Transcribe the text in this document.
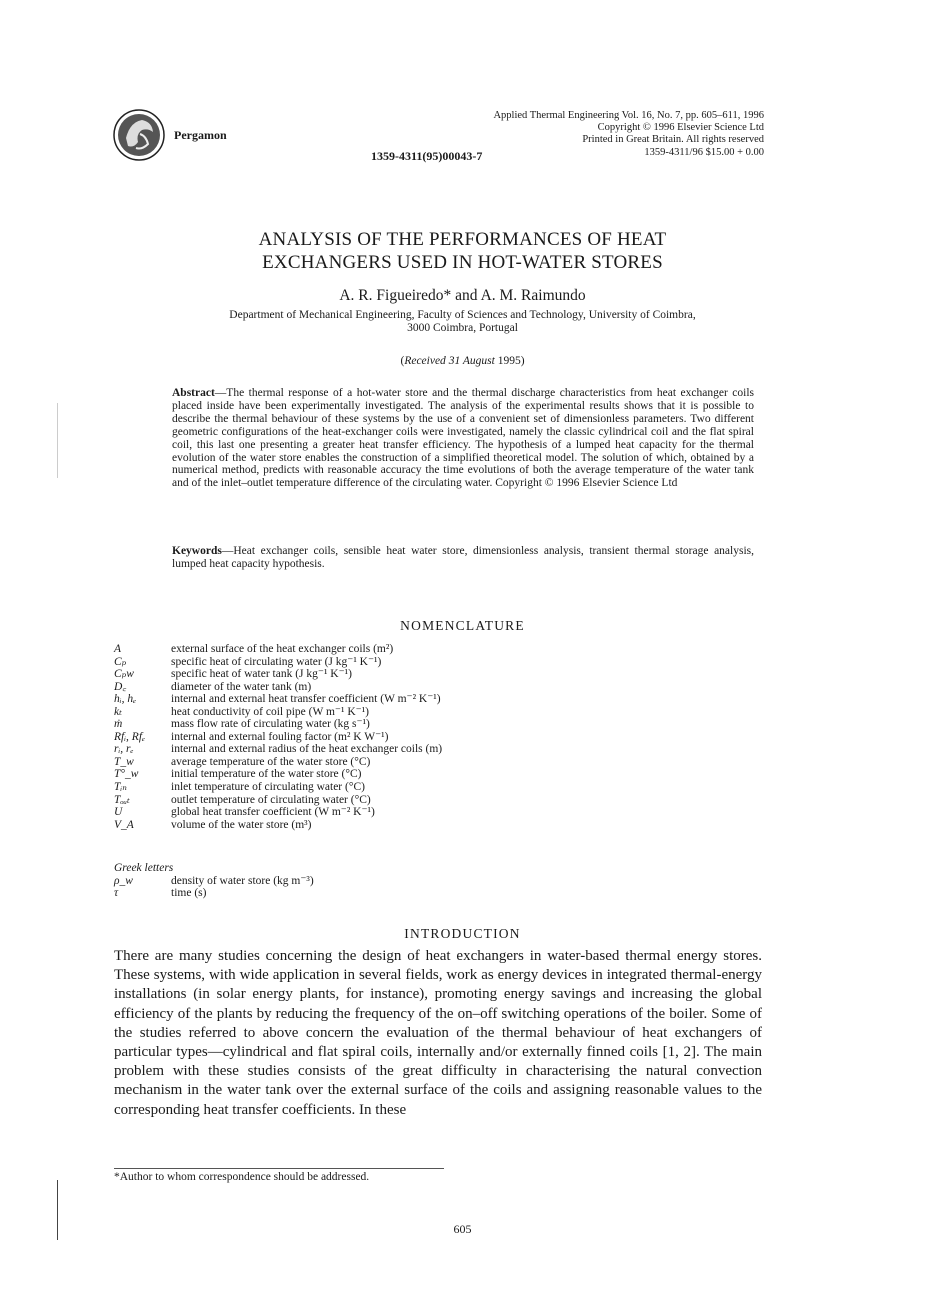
Pergamon
1359-4311(95)00043-7
Applied Thermal Engineering Vol. 16, No. 7, pp. 605–611, 1996
Copyright © 1996 Elsevier Science Ltd
Printed in Great Britain. All rights reserved
1359-4311/96 $15.00 + 0.00
ANALYSIS OF THE PERFORMANCES OF HEAT
EXCHANGERS USED IN HOT-WATER STORES
A. R. Figueiredo* and A. M. Raimundo
Department of Mechanical Engineering, Faculty of Sciences and Technology, University of Coimbra,
3000 Coimbra, Portugal
(Received 31 August 1995)
Abstract—The thermal response of a hot-water store and the thermal discharge characteristics from heat exchanger coils placed inside have been experimentally investigated. The analysis of the experimental results shows that it is possible to describe the thermal behaviour of these systems by the use of a convenient set of dimensionless parameters. Two different geometric configurations of the heat-exchanger coils were investigated, namely the classic cylindrical coil and the flat spiral coil, this last one presenting a greater heat transfer efficiency. The hypothesis of a lumped heat capacity for the thermal evolution of the water store enables the construction of a simplified theoretical model. The solution of which, obtained by a numerical method, predicts with reasonable accuracy the time evolutions of both the average temperature of the water tank and of the inlet–outlet temperature difference of the circulating water. Copyright © 1996 Elsevier Science Ltd
Keywords—Heat exchanger coils, sensible heat water store, dimensionless analysis, transient thermal storage analysis, lumped heat capacity hypothesis.
NOMENCLATURE
A	external surface of the heat exchanger coils (m²)
Cₚ	specific heat of circulating water (J kg⁻¹ K⁻¹)
Cₚw	specific heat of water tank (J kg⁻¹ K⁻¹)
D꜀	diameter of the water tank (m)
hᵢ, hₑ	internal and external heat transfer coefficient (W m⁻² K⁻¹)
kₜ	heat conductivity of coil pipe (W m⁻¹ K⁻¹)
ṁ	mass flow rate of circulating water (kg s⁻¹)
Rfᵢ, Rfₑ	internal and external fouling factor (m² K W⁻¹)
rᵢ, rₑ	internal and external radius of the heat exchanger coils (m)
T_w	average temperature of the water store (°C)
T°_w	initial temperature of the water store (°C)
Tᵢₙ	inlet temperature of circulating water (°C)
Tₒᵤₜ	outlet temperature of circulating water (°C)
U	global heat transfer coefficient (W m⁻² K⁻¹)
V_A	volume of the water store (m³)
Greek letters
ρ_w	density of water store (kg m⁻³)
τ	time (s)
INTRODUCTION
There are many studies concerning the design of heat exchangers in water-based thermal energy stores. These systems, with wide application in several fields, work as energy devices in integrated thermal-energy installations (in solar energy plants, for instance), promoting energy savings and increasing the global efficiency of the plants by reducing the frequency of the on–off switching operations of the boiler. Some of the studies referred to above concern the evaluation of the thermal behaviour of heat exchangers of particular types—cylindrical and flat spiral coils, internally and/or externally finned coils [1, 2]. The main problem with these studies consists of the great difficulty in characterising the natural convection mechanism in the water tank over the external surface of the coils and assigning reasonable values to the corresponding heat transfer coefficients. In these
*Author to whom correspondence should be addressed.
605
